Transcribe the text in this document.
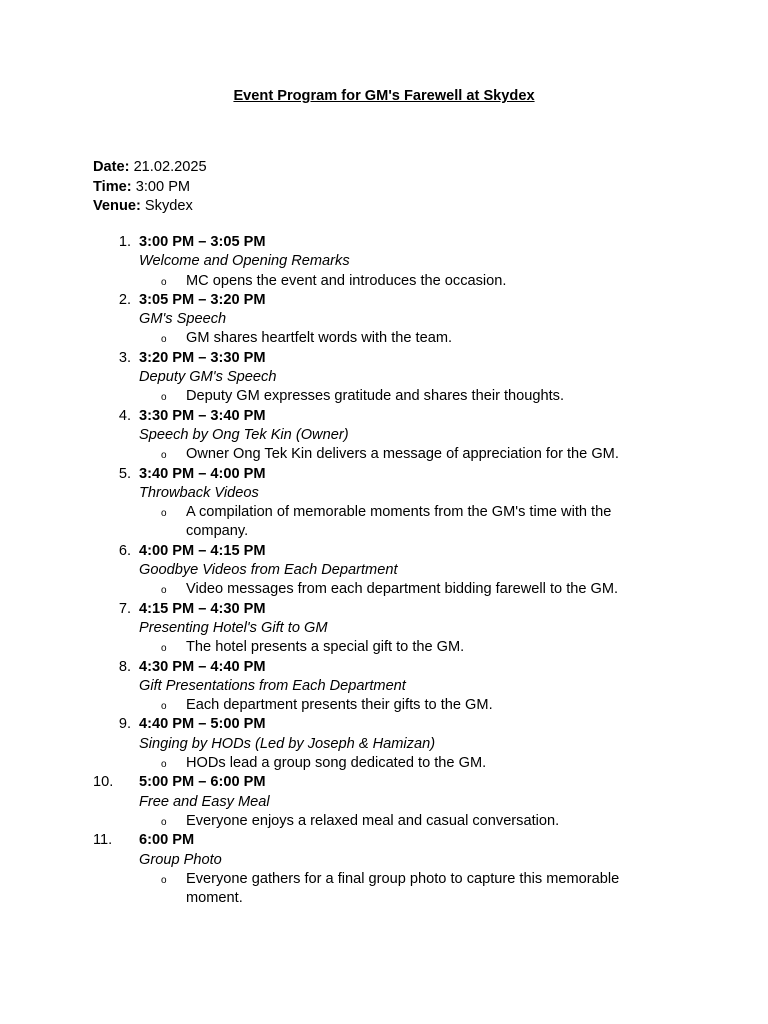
Event Program for GM's Farewell at Skydex
Date: 21.02.2025
Time: 3:00 PM
Venue: Skydex
1. 3:00 PM – 3:05 PM
Welcome and Opening Remarks
o MC opens the event and introduces the occasion.
2. 3:05 PM – 3:20 PM
GM's Speech
o GM shares heartfelt words with the team.
3. 3:20 PM – 3:30 PM
Deputy GM's Speech
o Deputy GM expresses gratitude and shares their thoughts.
4. 3:30 PM – 3:40 PM
Speech by Ong Tek Kin (Owner)
o Owner Ong Tek Kin delivers a message of appreciation for the GM.
5. 3:40 PM – 4:00 PM
Throwback Videos
o A compilation of memorable moments from the GM's time with the company.
6. 4:00 PM – 4:15 PM
Goodbye Videos from Each Department
o Video messages from each department bidding farewell to the GM.
7. 4:15 PM – 4:30 PM
Presenting Hotel's Gift to GM
o The hotel presents a special gift to the GM.
8. 4:30 PM – 4:40 PM
Gift Presentations from Each Department
o Each department presents their gifts to the GM.
9. 4:40 PM – 5:00 PM
Singing by HODs (Led by Joseph & Hamizan)
o HODs lead a group song dedicated to the GM.
10.	5:00 PM – 6:00 PM
Free and Easy Meal
o Everyone enjoys a relaxed meal and casual conversation.
11.	6:00 PM
Group Photo
o Everyone gathers for a final group photo to capture this memorable moment.
